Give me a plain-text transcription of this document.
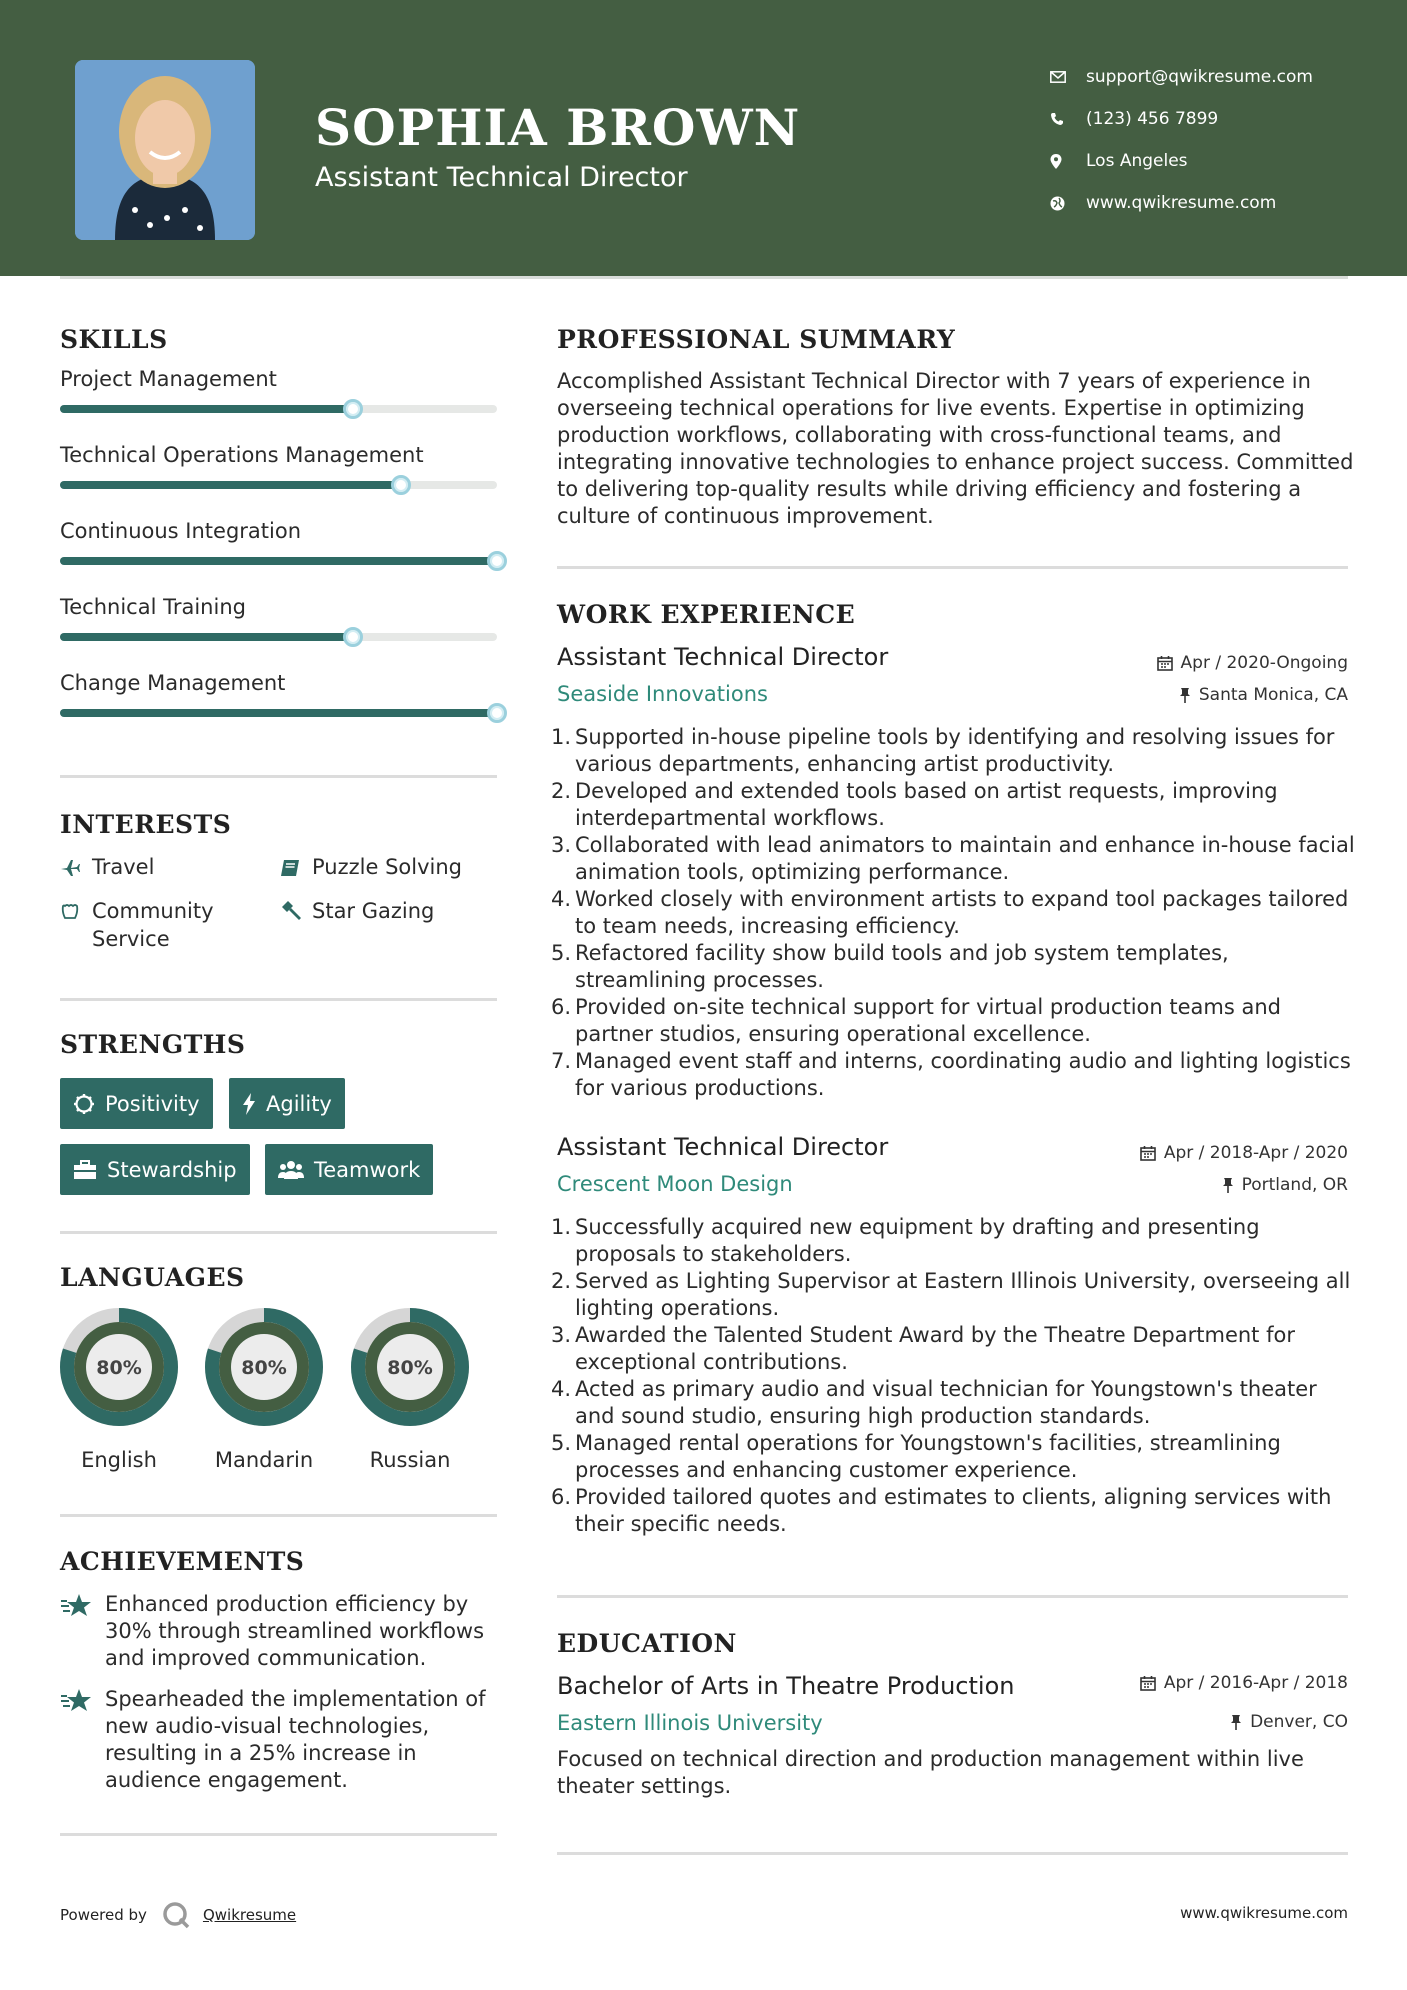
SOPHIA BROWN
Assistant Technical Director
support@qwikresume.com
(123) 456 7899
Los Angeles
www.qwikresume.com
SKILLS
Project Management
Technical Operations Management
Continuous Integration
Technical Training
Change Management
INTERESTS
Travel	Puzzle Solving
Community Service
Star Gazing
STRENGTHS
Positivity	Agility
Stewardship	Teamwork
LANGUAGES
80%
English
80%
Mandarin
80%
Russian
ACHIEVEMENTS
Enhanced production efficiency by 30% through streamlined workflows and improved communication.
Spearheaded the implementation of new audio-visual technologies, resulting in a 25% increase in audience engagement.
PROFESSIONAL SUMMARY
Accomplished Assistant Technical Director with 7 years of experience in overseeing technical operations for live events. Expertise in optimizing production workflows, collaborating with cross-functional teams, and integrating innovative technologies to enhance project success. Committed to delivering top-quality results while driving efficiency and fostering a culture of continuous improvement.
WORK EXPERIENCE
Assistant Technical Director	Apr / 2020-Ongoing
Seaside Innovations	Santa Monica, CA
1. Supported in-house pipeline tools by identifying and resolving issues for various departments, enhancing artist productivity.
2. Developed and extended tools based on artist requests, improving interdepartmental workflows.
3. Collaborated with lead animators to maintain and enhance in-house facial animation tools, optimizing performance.
4. Worked closely with environment artists to expand tool packages tailored to team needs, increasing efficiency.
5. Refactored facility show build tools and job system templates, streamlining processes.
6. Provided on-site technical support for virtual production teams and partner studios, ensuring operational excellence.
7. Managed event staff and interns, coordinating audio and lighting logistics for various productions.
Assistant Technical Director	Apr / 2018-Apr / 2020
Crescent Moon Design	Portland, OR
1. Successfully acquired new equipment by drafting and presenting proposals to stakeholders.
2. Served as Lighting Supervisor at Eastern Illinois University, overseeing all lighting operations.
3. Awarded the Talented Student Award by the Theatre Department for exceptional contributions.
4. Acted as primary audio and visual technician for Youngstown's theater and sound studio, ensuring high production standards.
5. Managed rental operations for Youngstown's facilities, streamlining processes and enhancing customer experience.
6. Provided tailored quotes and estimates to clients, aligning services with their specific needs.
EDUCATION
Bachelor of Arts in Theatre Production	Apr / 2016-Apr / 2018
Eastern Illinois University	Denver, CO
Focused on technical direction and production management within live theater settings.
Powered by	Qwikresume	www.qwikresume.com
